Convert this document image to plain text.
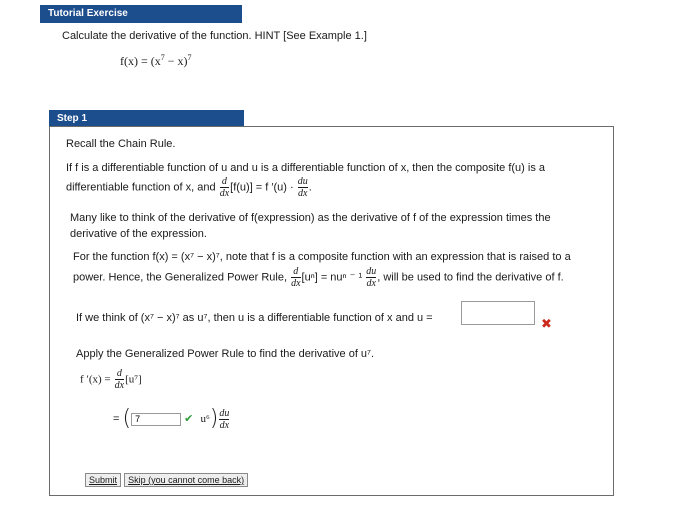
Tutorial Exercise
Calculate the derivative of the function. HINT [See Example 1.]
$f(x) = (x^7 - x)^7$
Step 1
Recall the Chain Rule.
If f is a differentiable function of u and u is a differentiable function of x, then the composite f(u) is a
differentiable function of x, and $\frac{d}{dx} [f(u)] = f$ $'(u) \cdot \frac{du}{dx}$ .
Many like to think of the derivative of f(expression) as the derivative of f of the expression times the
derivative of the expression.
For the function f(x) = (x⁷ − x)⁷, note that f is a composite function with an expression that is raised to a
power. Hence, the Generalized Power Rule, $\frac{d}{dx} [u^n] = nu^n$ ⁻ $^1 \frac{du}{dx}$ , will be used to find the derivative of f.
If we think of (x⁷ − x)⁷ as u⁷, then u is a differentiable function of x and u =	✖
Apply the Generalized Power Rule to find the derivative of u⁷.
f $'(x) = \frac{d}{dx} [u^7]$
= (7	✔ $u^6) \frac{du}{dx}$
Submit Skip (you cannot come back)
